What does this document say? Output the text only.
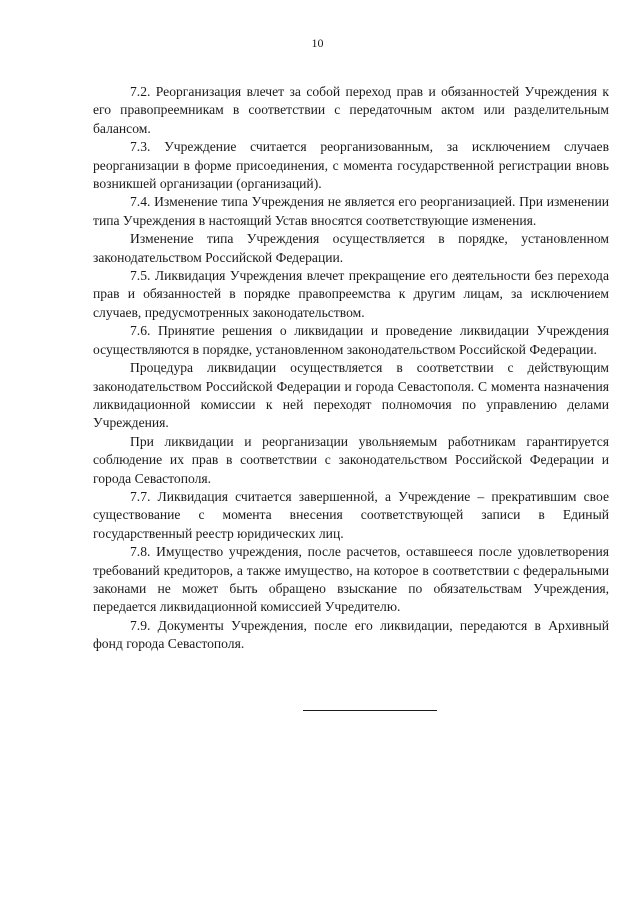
10

7.2. Реорганизация влечет за собой переход прав и обязанностей Учреждения к его правопреемникам в соответствии с передаточным актом или разделительным балансом.

7.3. Учреждение считается реорганизованным, за исключением случаев реорганизации в форме присоединения, с момента государственной регистрации вновь возникшей организации (организаций).

7.4. Изменение типа Учреждения не является его реорганизацией. При изменении типа Учреждения в настоящий Устав вносятся соответствующие изменения.

Изменение типа Учреждения осуществляется в порядке, установленном законодательством Российской Федерации.

7.5. Ликвидация Учреждения влечет прекращение его деятельности без перехода прав и обязанностей в порядке правопреемства к другим лицам, за исключением случаев, предусмотренных законодательством.

7.6. Принятие решения о ликвидации и проведение ликвидации Учреждения осуществляются в порядке, установленном законодательством Российской Федерации.

Процедура ликвидации осуществляется в соответствии с действующим законодательством Российской Федерации и города Севастополя. С момента назначения ликвидационной комиссии к ней переходят полномочия по управлению делами Учреждения.

При ликвидации и реорганизации увольняемым работникам гарантируется соблюдение их прав в соответствии с законодательством Российской Федерации и города Севастополя.

7.7. Ликвидация считается завершенной, а Учреждение – прекратившим свое существование с момента внесения соответствующей записи в Единый государственный реестр юридических лиц.

7.8. Имущество учреждения, после расчетов, оставшееся после удовлетворения требований кредиторов, а также имущество, на которое в соответствии с федеральными законами не может быть обращено взыскание по обязательствам Учреждения, передается ликвидационной комиссией Учредителю.

7.9. Документы Учреждения, после его ликвидации, передаются в Архивный фонд города Севастополя.
